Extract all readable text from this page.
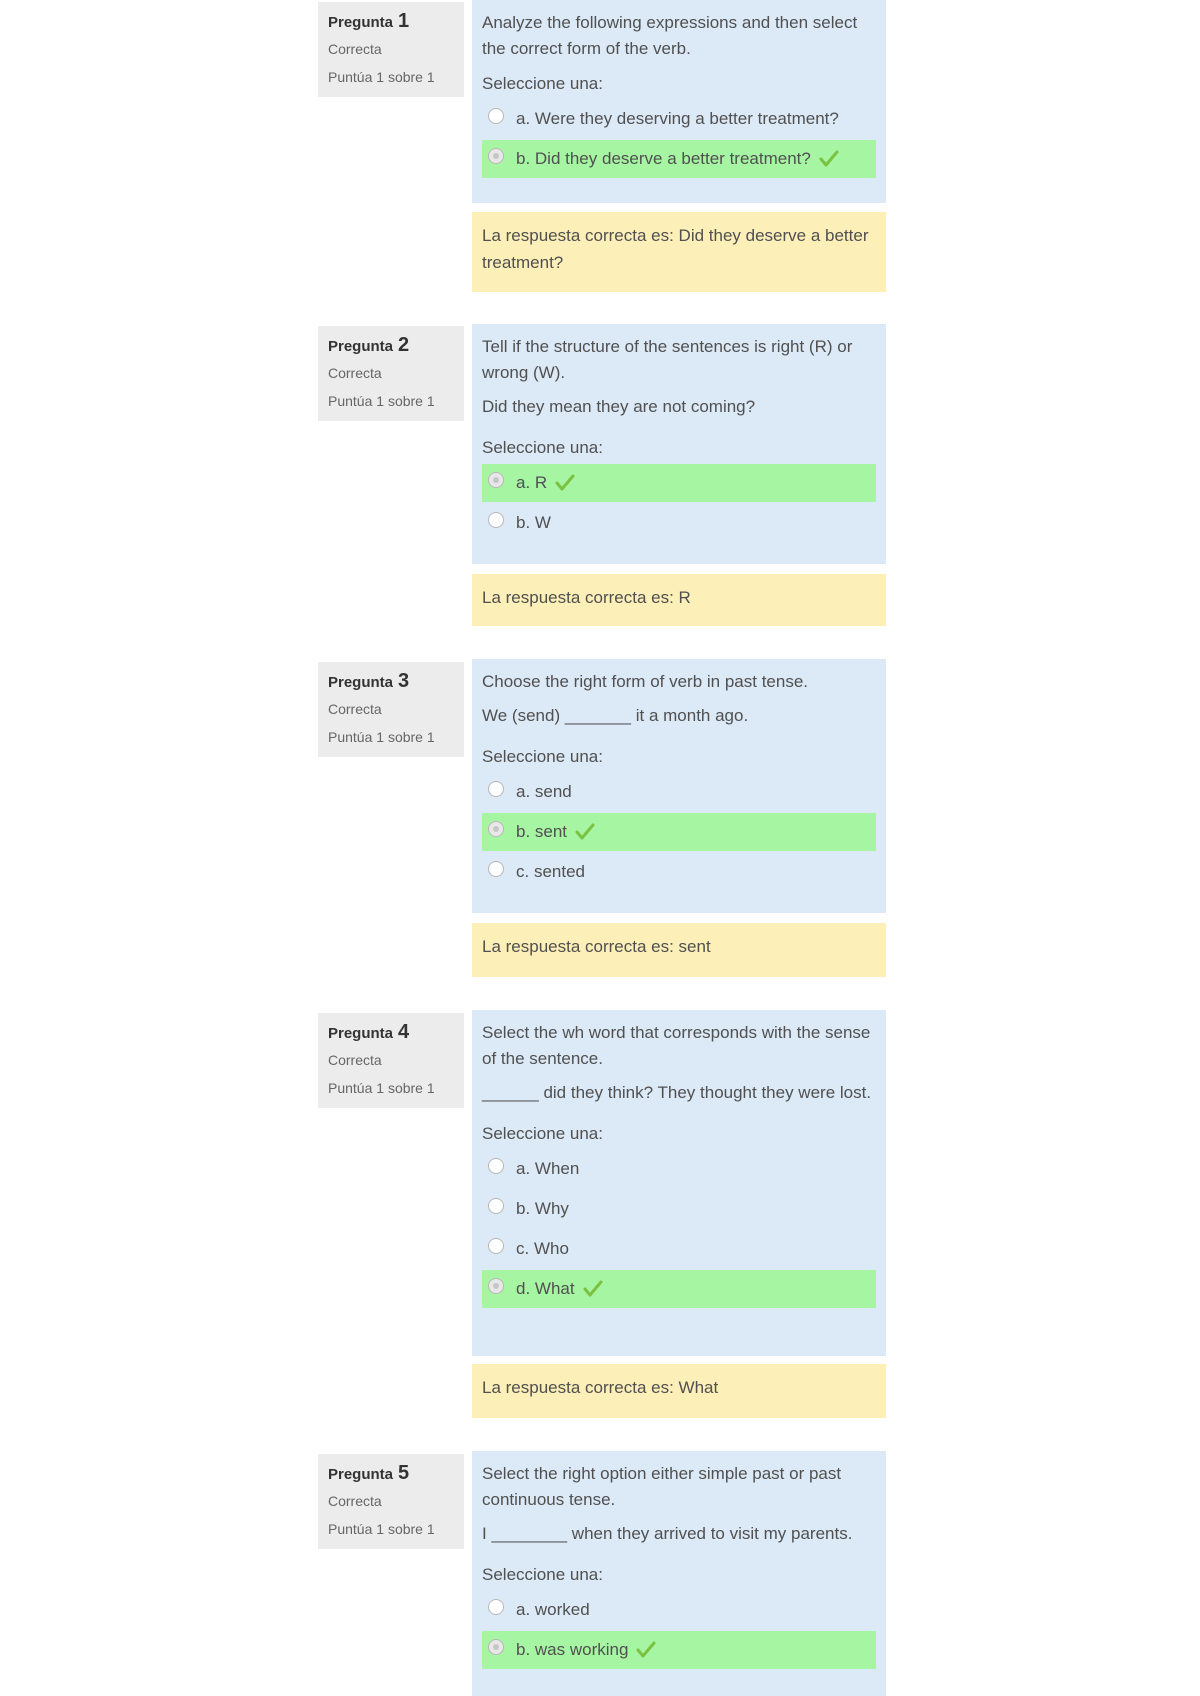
Pregunta 1
Correcta
Puntúa 1 sobre 1

Analyze the following expressions and then select the correct form of the verb.

Seleccione una:
a. Were they deserving a better treatment?
b. Did they deserve a better treatment?
La respuesta correcta es: Did they deserve a better treatment?
Pregunta 2
Correcta
Puntúa 1 sobre 1

Tell if the structure of the sentences is right (R) or wrong (W).

Did they mean they are not coming?

Seleccione una:
a. R
b. W
La respuesta correcta es: R
Pregunta 3
Correcta
Puntúa 1 sobre 1

Choose the right form of verb in past tense.

We (send) _______ it a month ago.

Seleccione una:
a. send
b. sent
c. sented
La respuesta correcta es: sent
Pregunta 4
Correcta
Puntúa 1 sobre 1

Select the wh word that corresponds with the sense of the sentence.

______ did they think? They thought they were lost.

Seleccione una:
a. When
b. Why
c. Who
d. What
La respuesta correcta es: What
Pregunta 5
Correcta
Puntúa 1 sobre 1

Select the right option either simple past or past continuous tense.

I ________ when they arrived to visit my parents.

Seleccione una:
a. worked
b. was working
